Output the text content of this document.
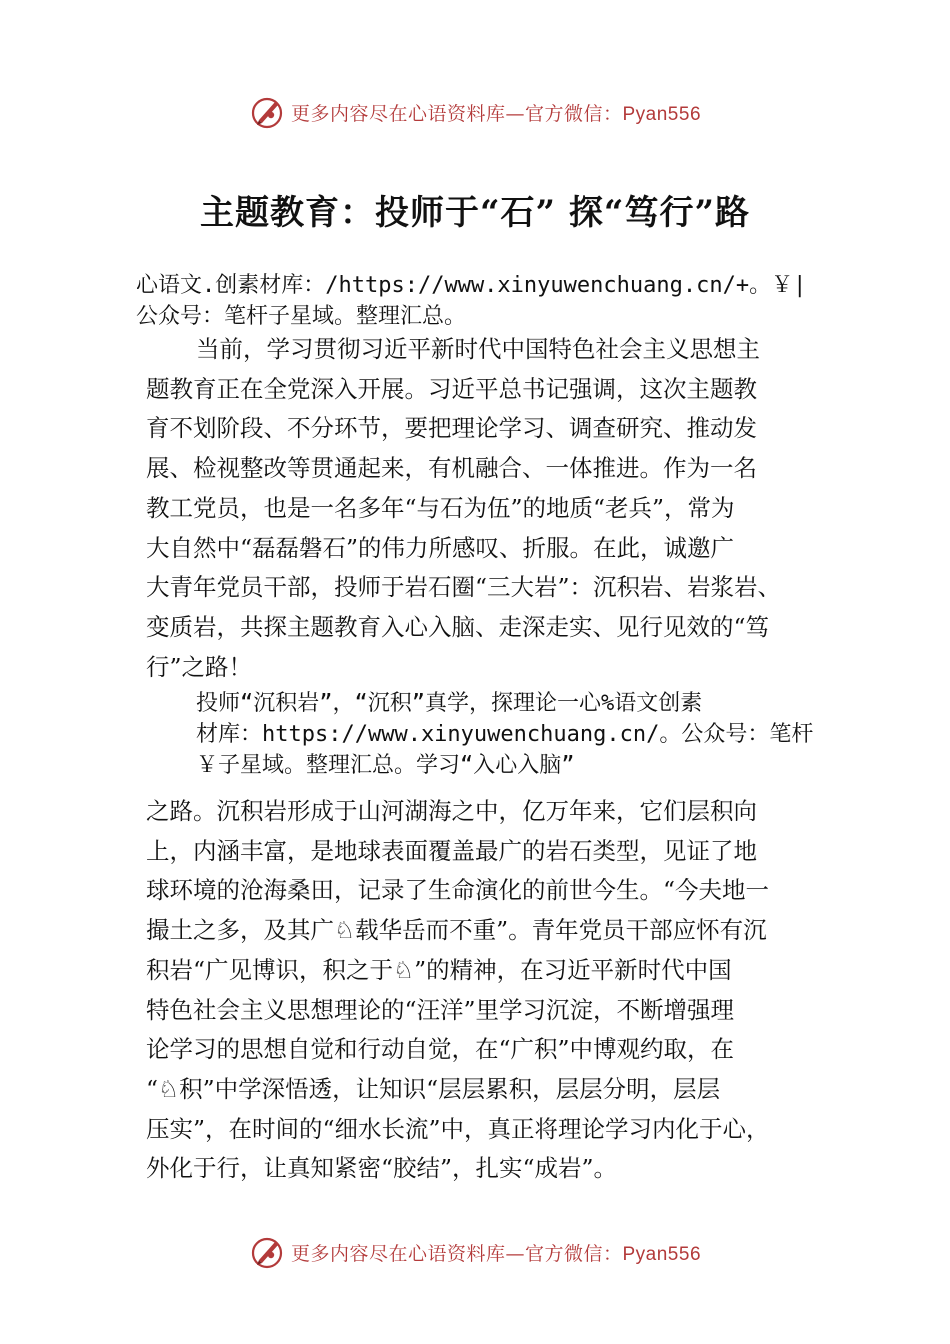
更多内容尽在心语资料库—官方微信：Pyan556
主题教育：投师于“石” 探“笃行”路
心语文.创素材库：/https://www.xinyuwenchuang.cn/+。￥|
公众号：笔杆子星域。整理汇总。
当前，学习贯彻习近平新时代中国特色社会主义思想主
题教育正在全党深入开展。习近平总书记强调，这次主题教
育不划阶段、不分环节，要把理论学习、调查研究、推动发
展、检视整改等贯通起来，有机融合、一体推进。作为一名
教工党员，也是一名多年“与石为伍”的地质“老兵”，常为
大自然中“磊磊磐石”的伟力所感叹、折服。在此，诚邀广
大青年党员干部，投师于岩石圈“三大岩”：沉积岩、岩浆岩、
变质岩，共探主题教育入心入脑、走深走实、见行见效的“笃
行”之路！
投师“沉积岩”，“沉积”真学，探理论一心%语文创素
材库：https://www.xinyuwenchuang.cn/。公众号：笔杆
￥子星域。整理汇总。学习“入心入脑”
之路。沉积岩形成于山河湖海之中，亿万年来，它们层积向
上，内涵丰富，是地球表面覆盖最广的岩石类型，见证了地
球环境的沧海桑田，记录了生命演化的前世今生。“今夫地一
撮土之多，及其广♘载华岳而不重”。青年党员干部应怀有沉
积岩“广见博识，积之于♘”的精神，在习近平新时代中国
特色社会主义思想理论的“汪洋”里学习沉淀，不断增强理
论学习的思想自觉和行动自觉，在“广积”中博观约取，在
“♘积”中学深悟透，让知识“层层累积，层层分明，层层
压实”，在时间的“细水长流”中，真正将理论学习内化于心，
外化于行，让真知紧密“胶结”，扎实“成岩”。
更多内容尽在心语资料库—官方微信：Pyan556
